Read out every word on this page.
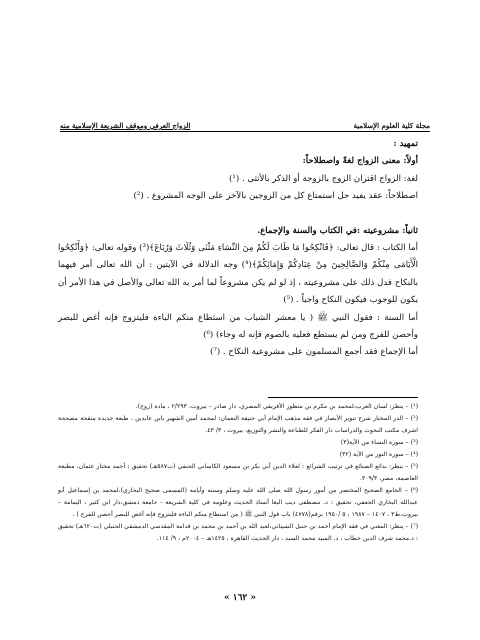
مجلة كلية العلوم الإسلامية
الزواج العرفي وموقف الشريعة الإسلامية منه

تمهيد :

أولاً: معنى الزواج لغةً واصطلاحاً:

لغة: الزواج اقتران الزوج بالزوجة أو الذكر بالأنثى . (¹)

اصطلاحاً: عقد يفيد حل استمتاع كل من الزوجين بالآخر على الوجه المشروع . (²)

ثانياً: مشروعيته :في الكتاب والسنة والإجماع.

أما الكتاب : قال تعالى: ﴿فَانْكِحُوا مَا طَابَ لَكُمْ مِنَ النِّسَاءِ مَثْنَى وَثُلَاثَ وَرُبَاعَ﴾(³) وقوله تعالى: ﴿وَأَنْكِحُوا الْأَيَامَى مِنْكُمْ وَالصَّالِحِينَ مِنْ عِبَادِكُمْ وَإِمَائِكُمْ﴾(⁴) وجه الدلالة في الآيتين : أن الله تعالى أمر فيهما بالنكاح فدل ذلك على مشروعيته ، إذ لو لم يكن مشروعاً لما أمر به الله تعالى والأصل في هذا الأمر أن يكون للوجوب فيكون النكاح واجباً . (⁵)

أما السنة : فقول النبي ﷺ ( يا معشر الشباب من استطاع منكم الباءة فليتزوج فإنه أغض للبصر وأحصن للفرج ومن لم يستطع فعليه بالصوم فإنه له وجاء) (⁶)

أما الإجماع فقد أجمع المسلمون على مشروعية النكاح . (⁷)

(¹) – ينظر: لسان العرب،لمحمد بن مكرم بن منظور الأفريقي المصري، دار صادر – بيروت، ٢/٢٩٣ ، مادة (زوج).

(²) – الدر المختار شرح تنوير الأبصار في فقه مذهب الإمام أبي حنيفة النعمان: لمحمد أمين الشهير بابن عابدين ، طبعة جديدة منقحة مصححة اشرف مكتب البحوث والدراسات دار الفكر للطباعة والنشر والتوزيع، بيروت ، ٣/ ٤٣.

(³) – سورة النساء من الآية(٣)

(⁴) – سورة النور من الآية (٣٢)

(⁵) – ينظر: بدائع الصنائع في ترتيب الشرائع : لعلاء الدين أبي بكر بن مسعود الكاساني الحنفي (ت٥٨٧هـ) تحقيق : أحمد مختار عثمان، مطبعة العاصمة، مصر، ٣٠٩/٣.

(⁶) – الجامع الصحيح المختصر من أمور رسول الله صلى الله عليه وسلم وسننه وأيامه (المسمى صحيح البخاري)،لمحمد بن إسماعيل أبو عبدالله البخاري الجعفي، تحقيق : د. مصطفى ديب البغا أستاذ الحديث وعلومه في كلية الشريعة - جامعة دمشق،دار ابن كثير ، اليمامة – بيروت،ط٣ ، ١٤٠٧ – ١٩٨٧ ، ٥ /١٩٥٠ برقم(٤٧٧٨) باب قول النبي ﷺ ( من استطاع منكم الباءة فليتزوج فإنه أغض للبصر أحصن للفرج ) .

(⁷) – ينظر: المغني في فقه الإمام أحمد بن حنبل الشيباني،لعبد الله بن أحمد بن محمد بن قدامة المقدسي الدمشقي الحنبلي (ت٦٢٠هـ) تحقيق : د.محمد شرف الدين خطاب ، د. السيد محمد السيد ، دار الحديث القاهرة ، ١٤٢٥هـ – ٢٠٠٤م ، ٩/ ١١٤.

« ١٦٢ »
